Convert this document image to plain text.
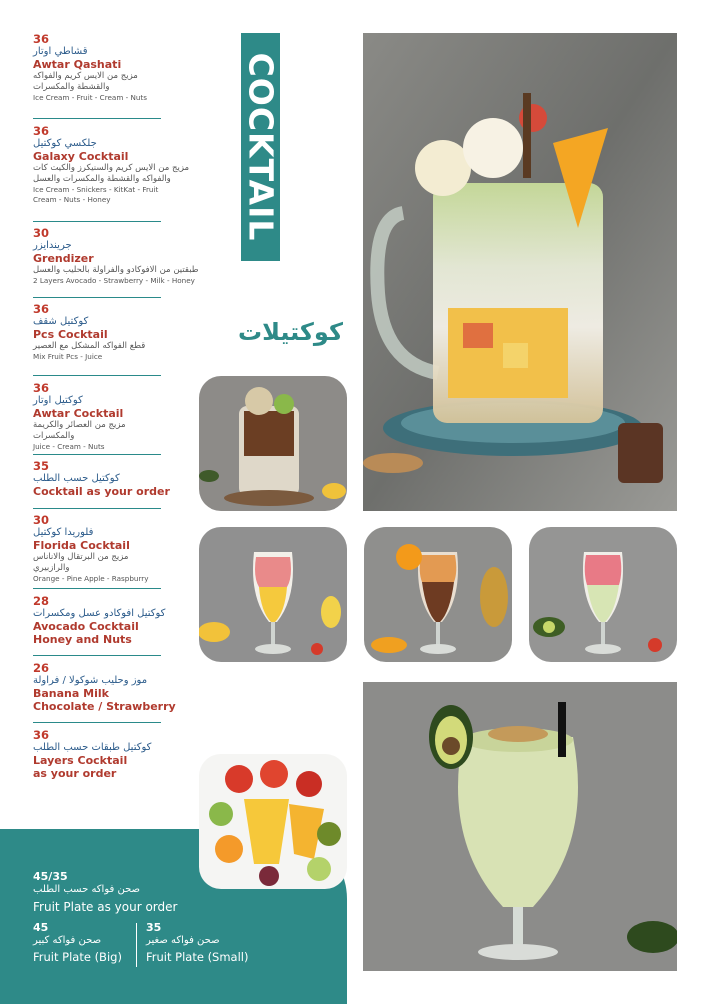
36
قشاطي اوتار
Awtar Qashati
مزيج من الايس كريم والفواكه
والقشطة والمكسرات
Ice Cream - Fruit - Cream - Nuts
36
جلكسي كوكتيل
Galaxy Cocktail
مزيج من الايس كريم والسنيكرز والكيت كات
والفواكه والقشطة والمكسرات والعسل
Ice Cream - Snickers - KitKat - Fruit
Cream - Nuts - Honey
30
جريندايزر
Grendizer
طبقتين من الافوكادو والفراولة بالحليب والعسل
2 Layers Avocado - Strawberry - Milk - Honey
36
كوكتيل شقف
Pcs Cocktail
قطع الفواكه المشكل مع العصير
Mix Fruit Pcs - Juice
36
كوكتيل اوتار
Awtar Cocktail
مزيج من العصائر والكريمة والمكسرات
Juice - Cream - Nuts
35
كوكتيل حسب الطلب
Cocktail as your order
30
فلوريدا كوكتيل
Florida Cocktail
مزيج من البرتقال والاناناس والرازبيري
Orange - Pine Apple - Raspburry
28
كوكتيل افوكادو عسل ومكسرات
Avocado Cocktail
Honey and Nuts
26
موز وحليب شوكولا / فراولة
Banana Milk
Chocolate / Strawberry
36
كوكتيل طبقات حسب الطلب
Layers Cocktail
as your order
COCKTAIL
كوكتيلات
45/35
صحن فواكه حسب الطلب
Fruit Plate as your order
45
صحن فواكه كبير
Fruit Plate (Big)
35
صحن فواكه صغير
Fruit Plate (Small)
